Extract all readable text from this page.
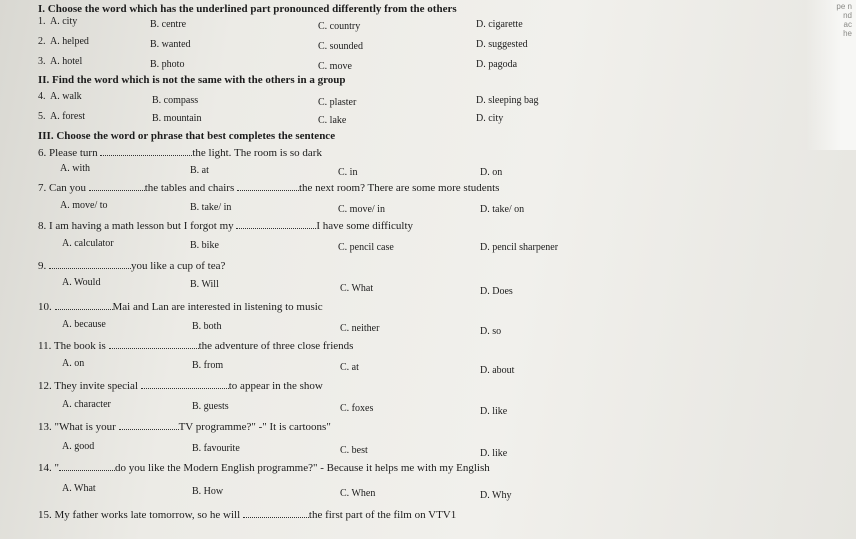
pe n
nd
ac
he
I. Choose the word which has the underlined part pronounced differently from the others
1. A. city	B. centre	C. country	D. cigarette
2. A. helped	B. wanted	C. sounded	D. suggested
3. A. hotel	B. photo	C. move	D. pagoda
II. Find the word which is not the same with the others in a group
4. A. walk	B. compass	C. plaster	D. sleeping bag
5. A. forest	B. mountain	C. lake	D. city
III. Choose the word or phrase that best completes the sentence
6. Please turn	the light. The room is so dark
A. with	B. at	C. in	D. on
7. Can you	the tables and chairs	the next room? There are some more students
A. move/ to	B. take/ in	C. move/ in	D. take/ on
8. I am having a math lesson but I forgot my	I have some difficulty
A. calculator	B. bike	C. pencil case	D. pencil sharpener
9.	you like a cup of tea?
A. Would	B. Will	C. What	D. Does
10.	Mai and Lan are interested in listening to music
A. because	B. both	C. neither	D. so
11. The book is	the adventure of three close friends
A. on	B. from	C. at	D. about
12. They invite special	to appear in the show
A. character	B. guests	C. foxes	D. like
13. "What is your	TV programme?" -" It is cartoons"
A. good	B. favourite	C. best	D. like
14. "	do you like the Modern English programme?" - Because it helps me with my English
A. What	B. How	C. When	D. Why
15. My father works late tomorrow, so he will	the first part of the film on VTV1
